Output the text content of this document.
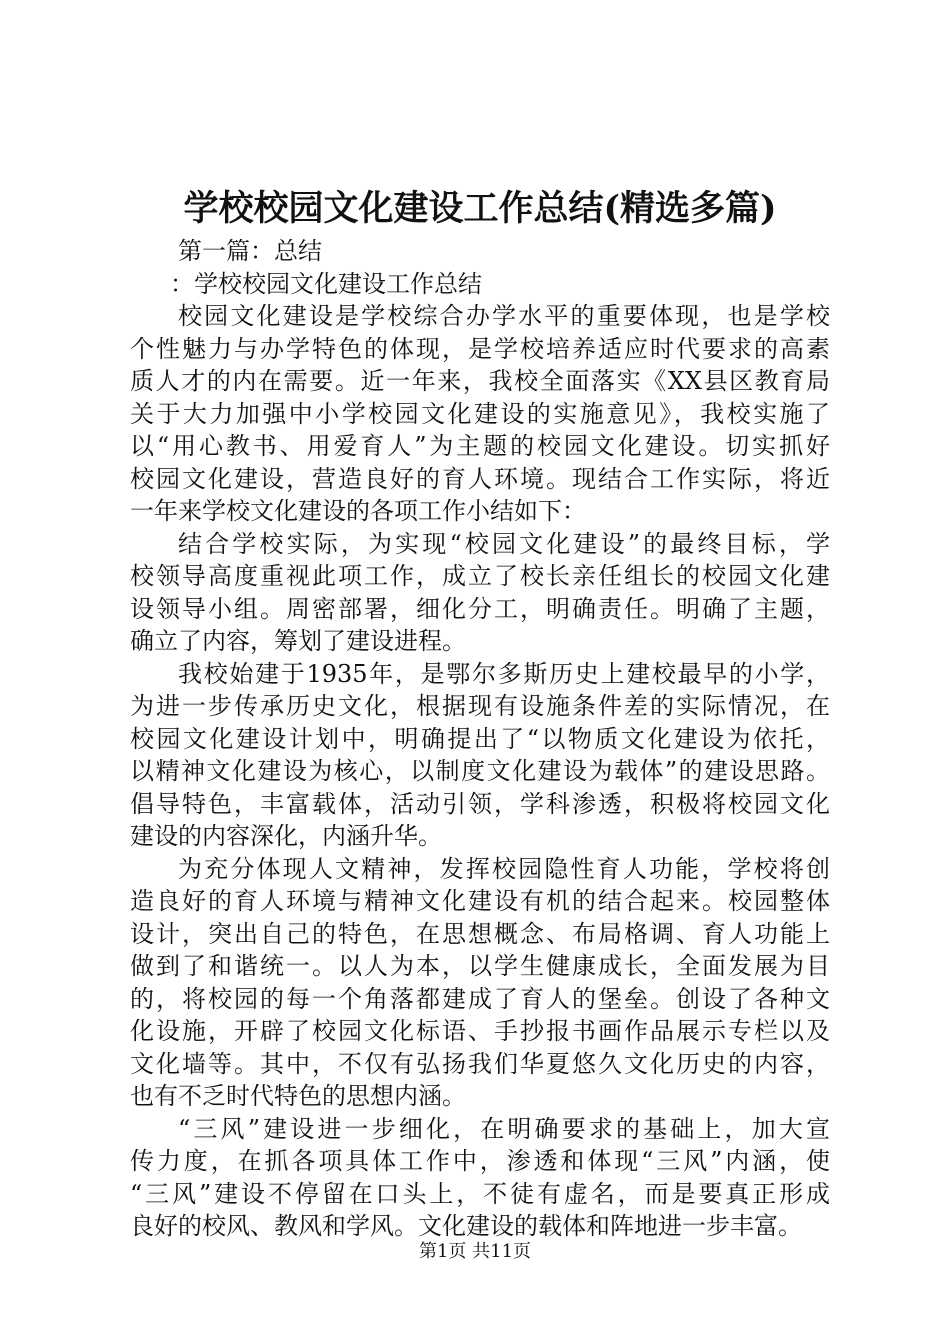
学校校园文化建设工作总结(精选多篇)
第一篇：总结
：学校校园文化建设工作总结
校园文化建设是学校综合办学水平的重要体现，也是学校
个性魅力与办学特色的体现，是学校培养适应时代要求的高素
质人才的内在需要。近一年来，我校全面落实《XX县区教育局
关于大力加强中小学校园文化建设的实施意见》，我校实施了
以“用心教书、用爱育人”为主题的校园文化建设。切实抓好
校园文化建设，营造良好的育人环境。现结合工作实际，将近
一年来学校文化建设的各项工作小结如下：
结合学校实际，为实现“校园文化建设”的最终目标，学
校领导高度重视此项工作，成立了校长亲任组长的校园文化建
设领导小组。周密部署，细化分工，明确责任。明确了主题，
确立了内容，筹划了建设进程。
我校始建于1935年，是鄂尔多斯历史上建校最早的小学，
为进一步传承历史文化，根据现有设施条件差的实际情况，在
校园文化建设计划中，明确提出了“以物质文化建设为依托，
以精神文化建设为核心，以制度文化建设为载体”的建设思路。
倡导特色，丰富载体，活动引领，学科渗透，积极将校园文化
建设的内容深化，内涵升华。
为充分体现人文精神，发挥校园隐性育人功能，学校将创
造良好的育人环境与精神文化建设有机的结合起来。校园整体
设计，突出自己的特色，在思想概念、布局格调、育人功能上
做到了和谐统一。以人为本，以学生健康成长，全面发展为目
的，将校园的每一个角落都建成了育人的堡垒。创设了各种文
化设施，开辟了校园文化标语、手抄报书画作品展示专栏以及
文化墙等。其中，不仅有弘扬我们华夏悠久文化历史的内容，
也有不乏时代特色的思想内涵。
“三风”建设进一步细化，在明确要求的基础上，加大宣
传力度，在抓各项具体工作中，渗透和体现“三风”内涵，使
“三风”建设不停留在口头上，不徒有虚名，而是要真正形成
良好的校风、教风和学风。文化建设的载体和阵地进一步丰富。
第1页 共11页
